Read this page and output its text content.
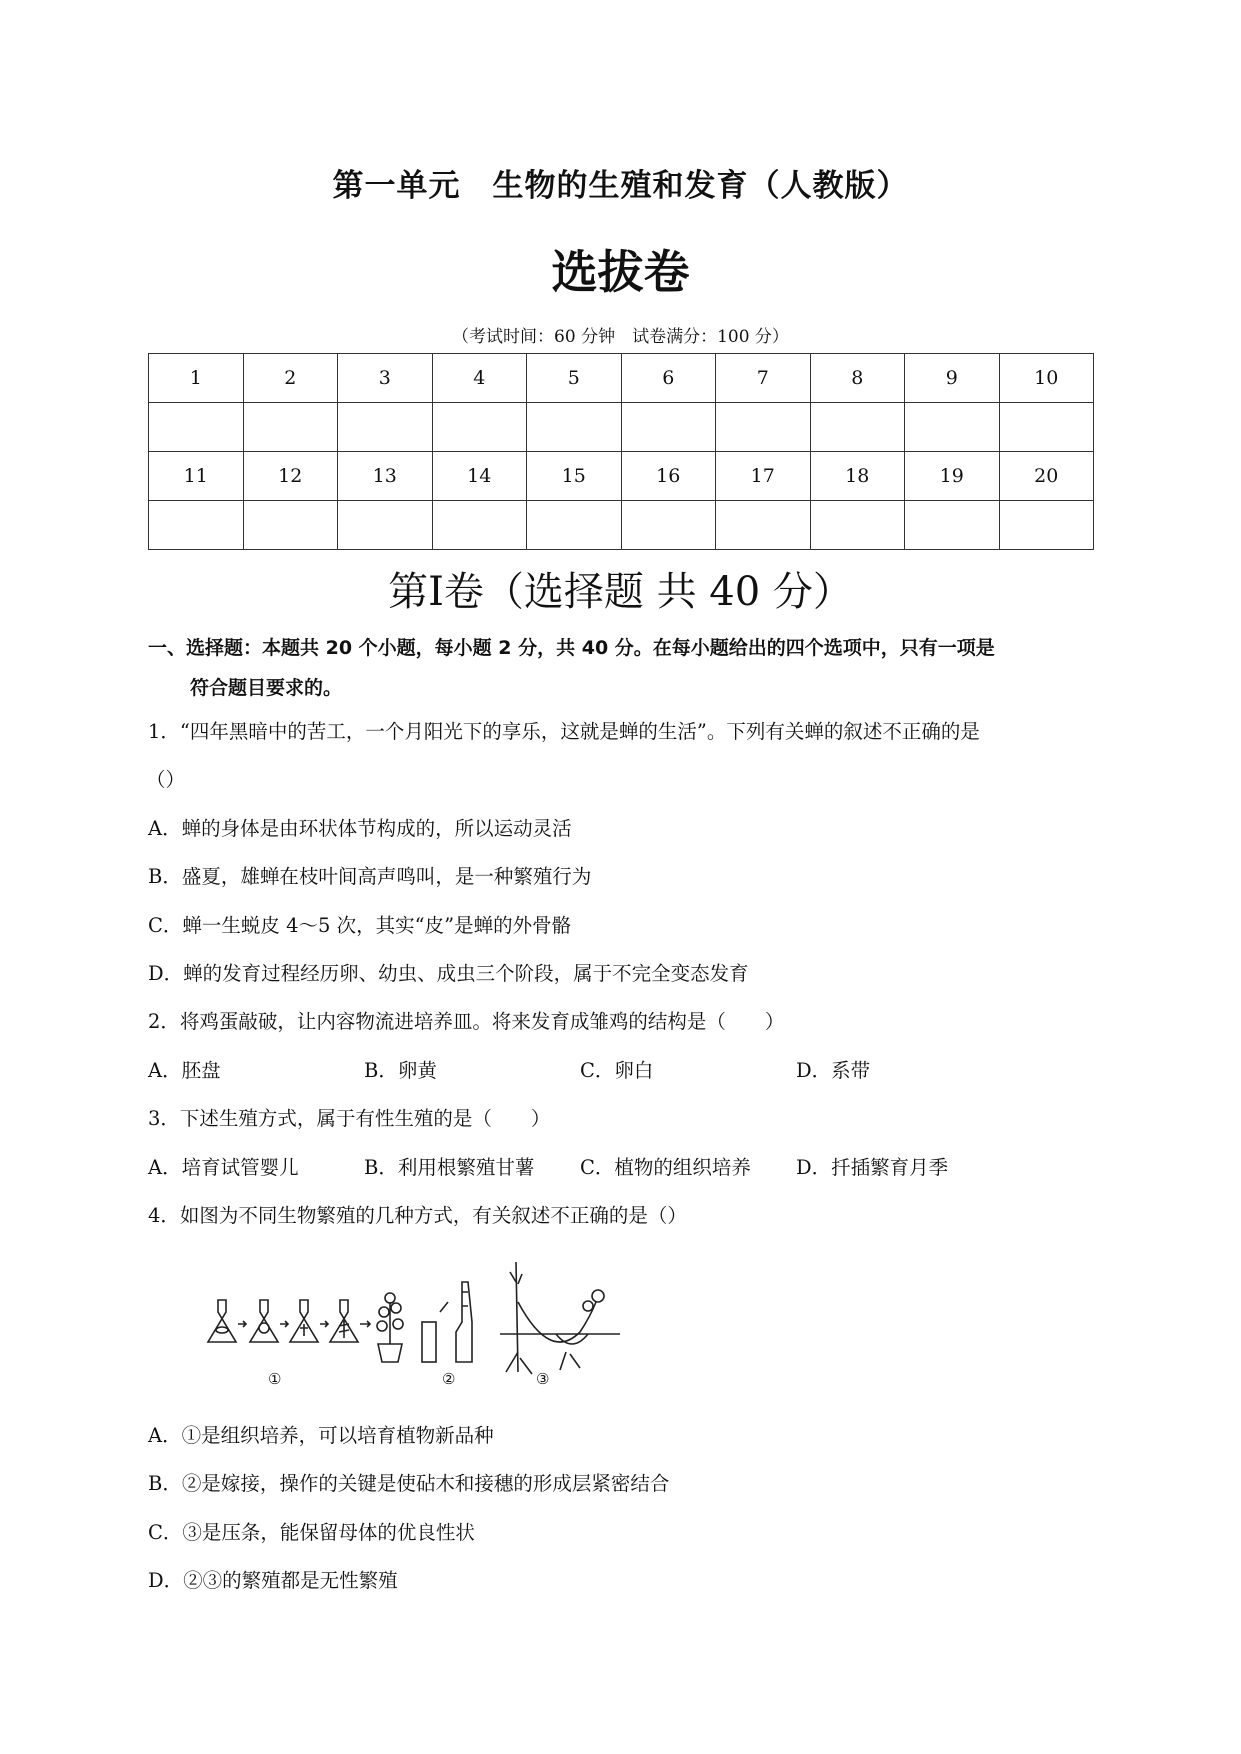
第一单元　生物的生殖和发育（人教版）
选拔卷
（考试时间：60 分钟　试卷满分：100 分）
1	2	3	4	5	6	7	8	9	10

11	12	13	14	15	16	17	18	19	20

第I卷（选择题 共 40 分）
一、选择题：本题共 20 个小题，每小题 2 分，共 40 分。在每小题给出的四个选项中，只有一项是
符合题目要求的。
1．“四年黑暗中的苦工，一个月阳光下的享乐，这就是蝉的生活”。下列有关蝉的叙述不正确的是
（）
A．蝉的身体是由环状体节构成的，所以运动灵活
B．盛夏，雄蝉在枝叶间高声鸣叫，是一种繁殖行为
C．蝉一生蜕皮 4～5 次，其实“皮”是蝉的外骨骼
D．蝉的发育过程经历卵、幼虫、成虫三个阶段，属于不完全变态发育
2．将鸡蛋敲破，让内容物流进培养皿。将来发育成雏鸡的结构是（　　）
A．胚盘	B．卵黄	C．卵白	D．系带
3．下述生殖方式，属于有性生殖的是（　　）
A．培育试管婴儿	B．利用根繁殖甘薯 C．植物的组织培养 D．扦插繁育月季
4．如图为不同生物繁殖的几种方式，有关叙述不正确的是（）
①	②	③
A．①是组织培养，可以培育植物新品种
B．②是嫁接，操作的关键是使砧木和接穗的形成层紧密结合
C．③是压条，能保留母体的优良性状
D．②③的繁殖都是无性繁殖
